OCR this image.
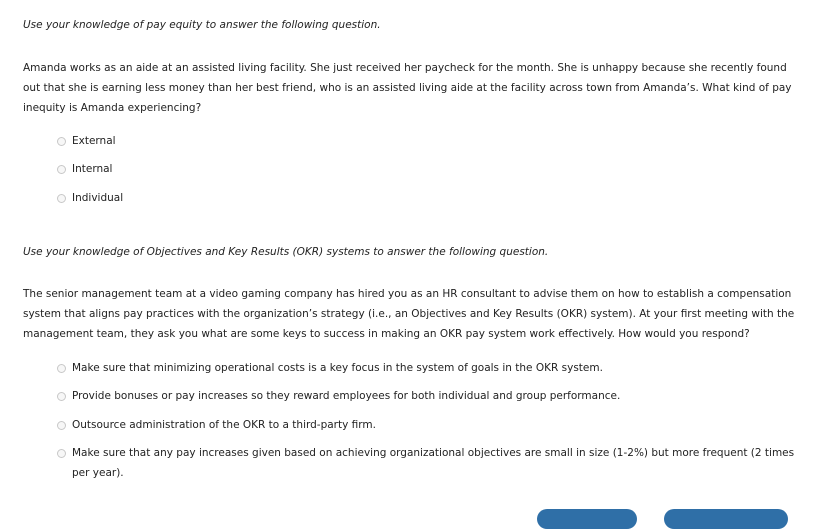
Use your knowledge of pay equity to answer the following question.

Amanda works as an aide at an assisted living facility. She just received her paycheck for the month. She is unhappy because she recently found out that she is earning less money than her best friend, who is an assisted living aide at the facility across town from Amanda’s. What kind of pay inequity is Amanda experiencing?

External
Internal
Individual

Use your knowledge of Objectives and Key Results (OKR) systems to answer the following question.

The senior management team at a video gaming company has hired you as an HR consultant to advise them on how to establish a compensation system that aligns pay practices with the organization’s strategy (i.e., an Objectives and Key Results (OKR) system). At your first meeting with the management team, they ask you what are some keys to success in making an OKR pay system work effectively. How would you respond?

Make sure that minimizing operational costs is a key focus in the system of goals in the OKR system.
Provide bonuses or pay increases so they reward employees for both individual and group performance.
Outsource administration of the OKR to a third-party firm.
Make sure that any pay increases given based on achieving organizational objectives are small in size (1-2%) but more frequent (2 times per year).
